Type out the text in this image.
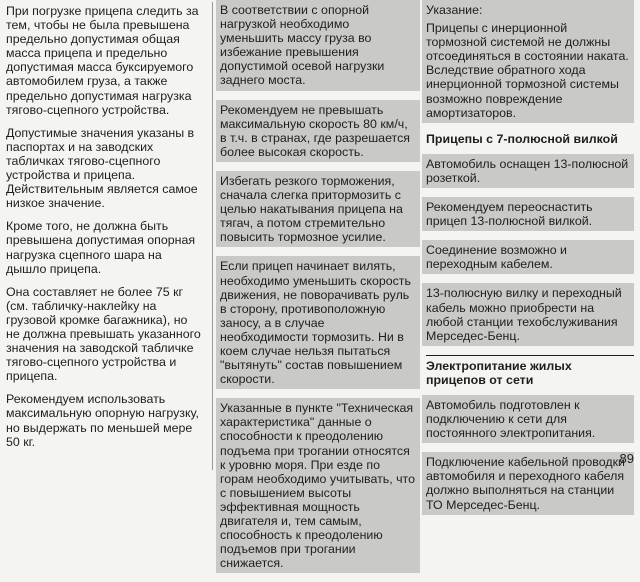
При погрузке прицепа следить за тем, чтобы не была превышена предельно допустимая общая масса прицепа и предельно допустимая масса буксируемого автомобилем груза, а также предельно допустимая нагрузка тягово-сцепного устройства.

Допустимые значения указаны в паспортах и на заводских табличках тягово-сцепного устройства и прицепа. Действительным является самое низкое значение.

Кроме того, не должна быть превышена допустимая опорная нагрузка сцепного шара на дышло прицепа.

Она составляет не более 75 кг (см. табличку-наклейку на грузовой кромке багажника), но не должна превышать указанного значения на заводской табличке тягово-сцепного устройства и прицепа.

Рекомендуем использовать максимальную опорную нагрузку, но выдержать по меньшей мере 50 кг.

В соответствии с опорной нагрузкой необходимо уменьшить массу груза во избежание превышения допустимой осевой нагрузки заднего моста.

Рекомендуем не превышать максимальную скорость 80 км/ч, в т.ч. в странах, где разрешается более высокая скорость.

Избегать резкого торможения, сначала слегка притормозить с целью накатывания прицепа на тягач, а потом стремительно повысить тормозное усилие.

Если прицеп начинает вилять, необходимо уменьшить скорость движения, не поворачивать руль в сторону, противоположную заносу, а в случае необходимости тормозить. Ни в коем случае нельзя пытаться "вытянуть" состав повышением скорости.

Указанные в пункте "Техническая характеристика" данные о способности к преодолению подъема при трогании относятся к уровню моря. При езде по горам необходимо учитывать, что с повышением высоты эффективная мощность двигателя и, тем самым, способность к преодолению подъемов при трогании снижается.

Указание:

Прицепы с инерционной тормозной системой не должны отсоединяться в состоянии наката. Вследствие обратного хода инерционной тормозной системы возможно повреждение амортизаторов.

Прицепы с 7-полюсной вилкой

Автомобиль оснащен 13-полюсной розеткой.

Рекомендуем переоснастить прицеп 13-полюсной вилкой.

Соединение возможно и переходным кабелем.

13-полюсную вилку и переходный кабель можно приобрести на любой станции техобслуживания Мерседес-Бенц.

Электропитание жилых прицепов от сети

Автомобиль подготовлен к подключению к сети для постоянного электропитания.

Подключение кабельной проводки автомобиля и переходного кабеля должно выполняться на станции ТО Мерседес-Бенц.

89
